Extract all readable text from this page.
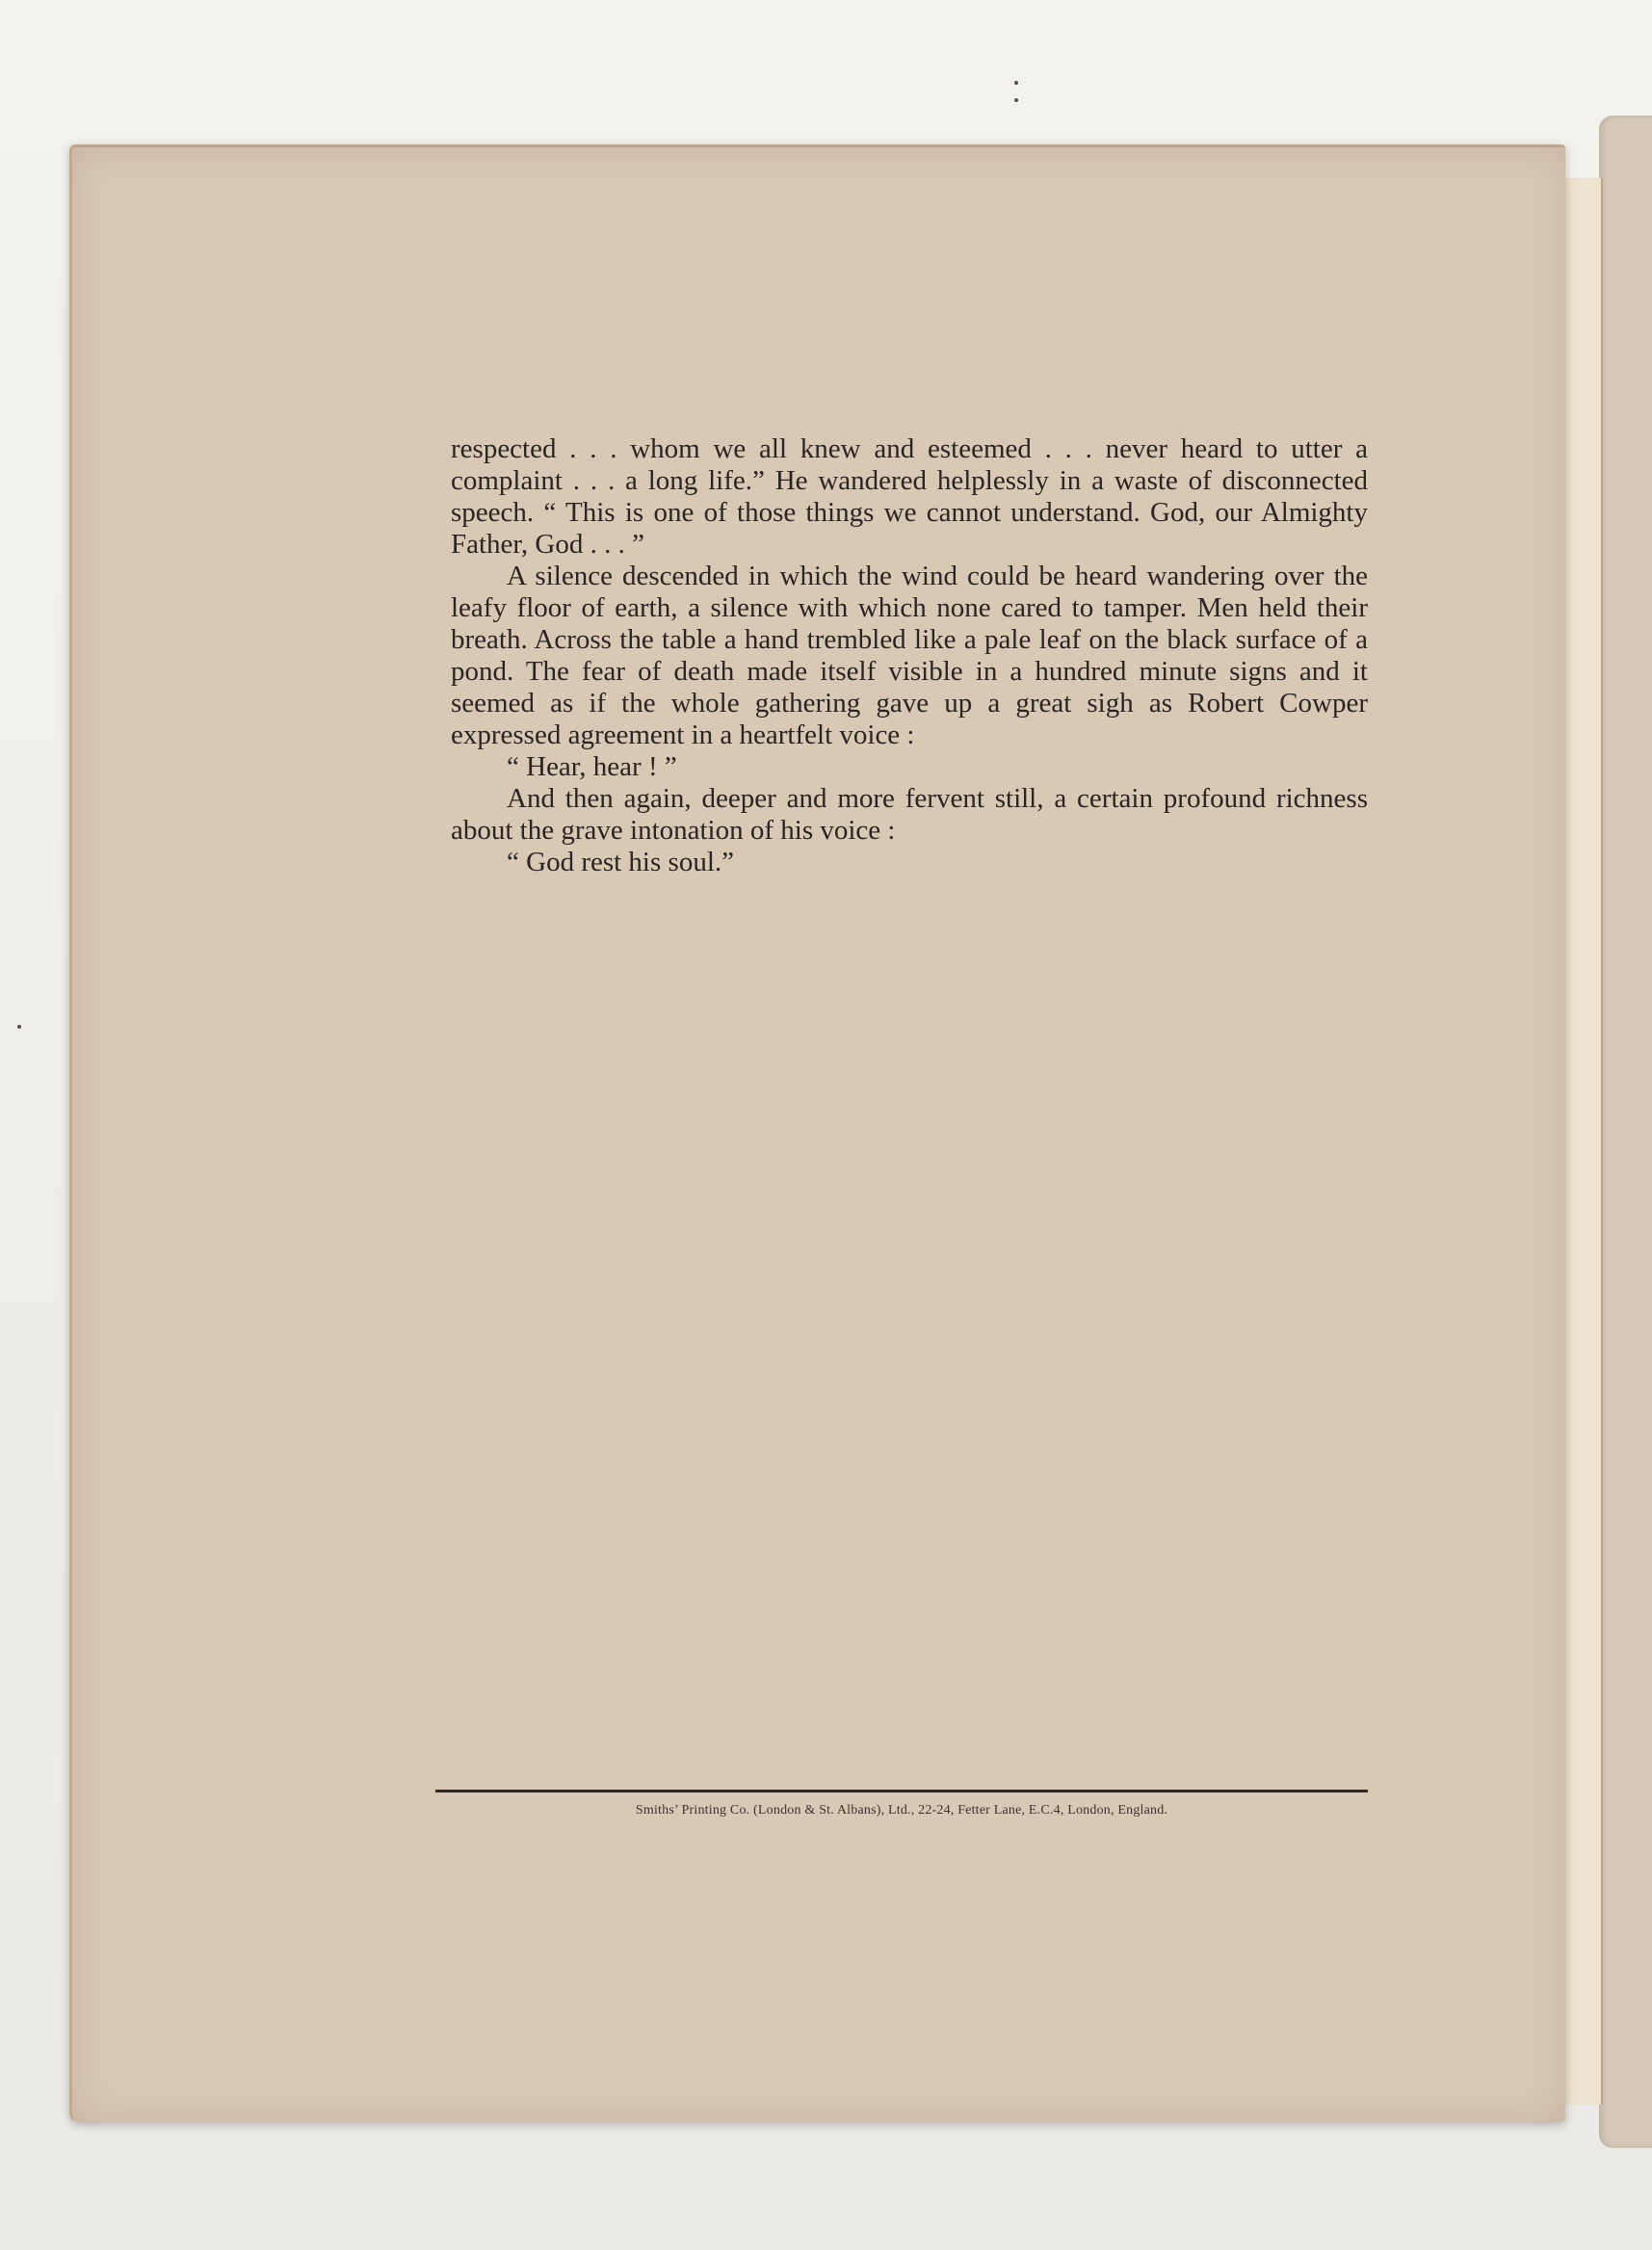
respected . . . whom we all knew and esteemed . . . never heard to utter a complaint . . . a long life.” He wandered helplessly in a waste of disconnected speech. “ This is one of those things we cannot understand. God, our Almighty Father, God . . . ”

A silence descended in which the wind could be heard wandering over the leafy floor of earth, a silence with which none cared to tamper. Men held their breath. Across the table a hand trembled like a pale leaf on the black surface of a pond. The fear of death made itself visible in a hundred minute signs and it seemed as if the whole gathering gave up a great sigh as Robert Cowper expressed agreement in a heartfelt voice :

“ Hear, hear ! ”

And then again, deeper and more fervent still, a certain profound richness about the grave intonation of his voice :

“ God rest his soul.”

Smiths’ Printing Co. (London & St. Albans), Ltd., 22-24, Fetter Lane, E.C.4, London, England.
